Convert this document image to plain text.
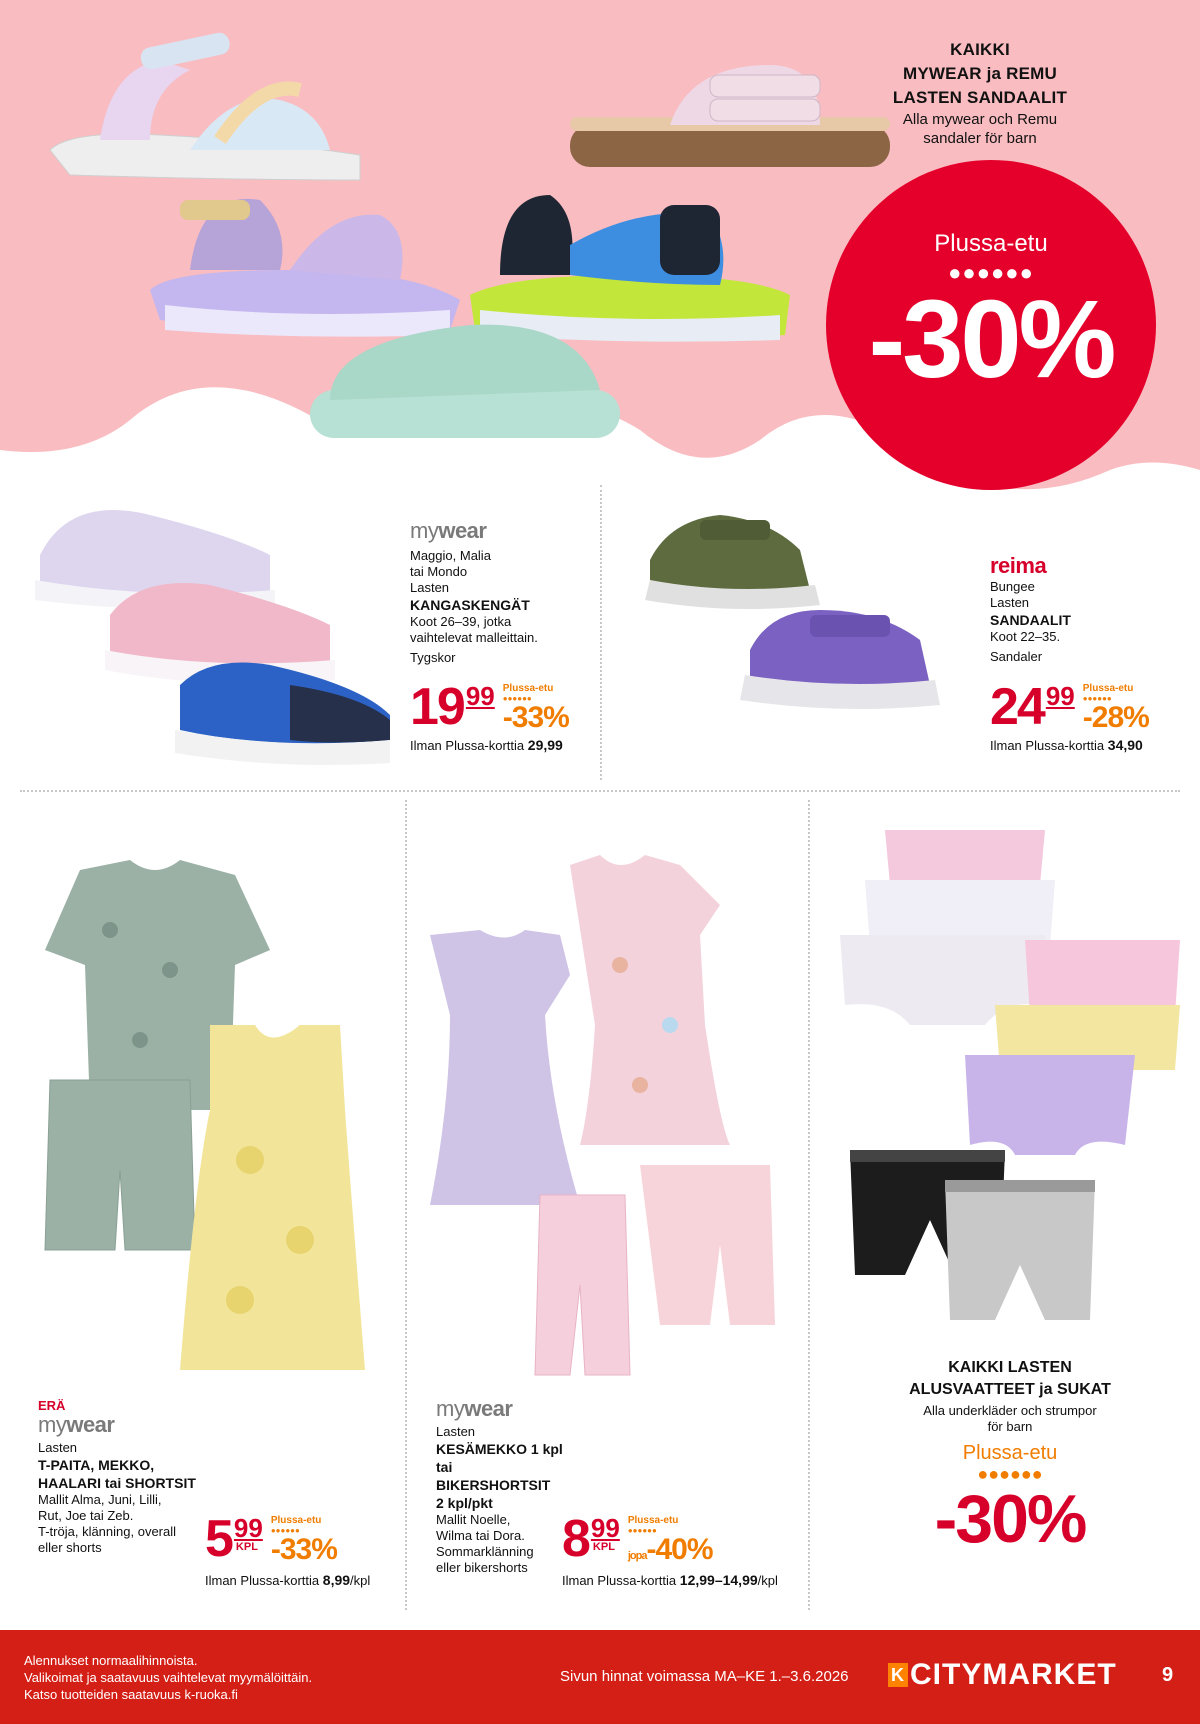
KAIKKI
MYWEAR ja REMU
LASTEN SANDAALIT
Alla mywear och Remu
sandaler för barn
Plussa-etu
●●●●●●
-30%
mywear
Maggio, Malia
tai Mondo
Lasten
KANGASKENGÄT
Koot 26–39, jotka
vaihtelevat malleittain.
Tygskor
19 99 Plussa-etu
●●●●●●
-33%
Ilman Plussa-korttia 29,99
reima
Bungee
Lasten
SANDAALIT
Koot 22–35.
Sandaler
24 99 Plussa-etu
●●●●●●
-28%
Ilman Plussa-korttia 34,90
ERÄ
mywear
Lasten
T-PAITA, MEKKO,
HAALARI tai SHORTSIT
Mallit Alma, Juni, Lilli,
Rut, Joe tai Zeb.
T-tröja, klänning, overall
eller shorts	5 99
KPL
Plussa-etu
●●●●●●
-33%
Ilman Plussa-korttia 8,99/kpl
mywear
Lasten
KESÄMEKKO 1 kpl tai
BIKERSHORTSIT
2 kpl/pkt
Mallit Noelle,
Wilma tai Dora.
Sommarklänning
eller bikershorts 8 99
KPL
Plussa-etu
●●●●●●
jopa-40%
Ilman Plussa-korttia 12,99–14,99/kpl
KAIKKI LASTEN
ALUSVAATTEET ja SUKAT
Alla underkläder och strumpor
för barn
Plussa-etu
●●●●●●
-30%
Alennukset normaalihinnoista.
Valikoimat ja saatavuus vaihtelevat myymälöittäin.
Katso tuotteiden saatavuus k-ruoka.fi
Sivun hinnat voimassa MA–KE 1.–3.6.2026 K CITYMARKET 9
